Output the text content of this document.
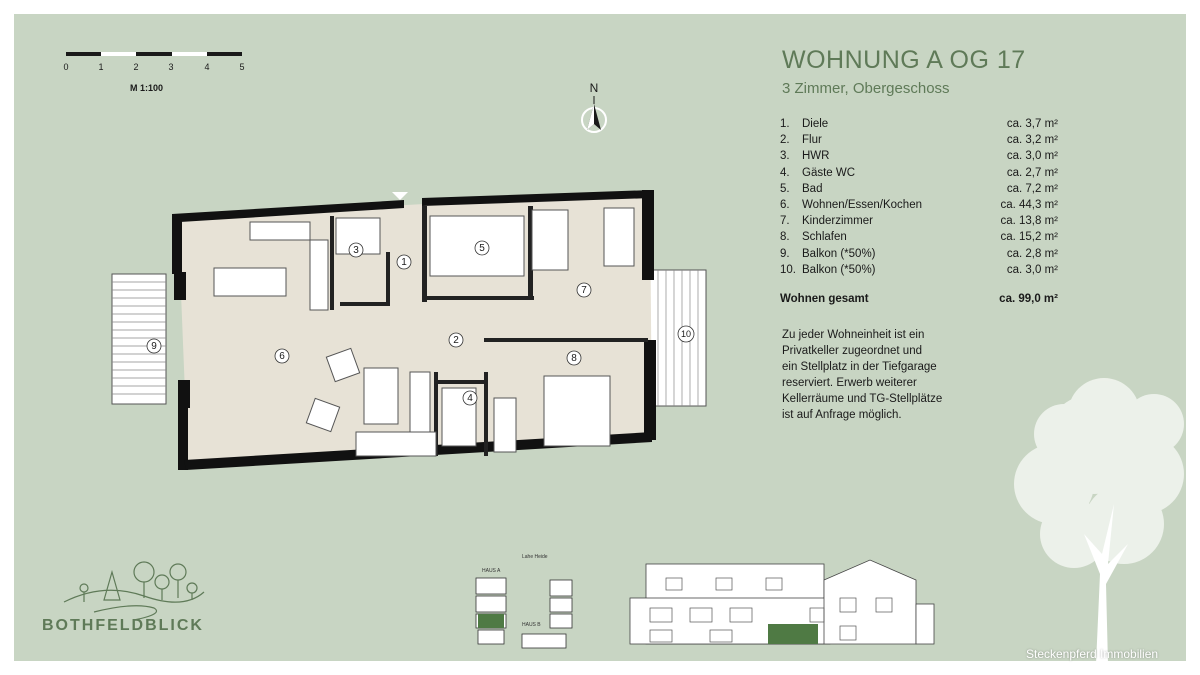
0	1	2	3	4	5
M 1:100	N
WOHNUNG A OG 17
3 Zimmer, Obergeschoss
1.	Diele	ca. 3,7 m²
2.	Flur	ca. 3,2 m²
3.	HWR	ca. 3,0 m²
4.	Gäste WC	ca. 2,7 m²
5.	Bad	ca. 7,2 m²
6.	Wohnen/Essen/Kochen	ca. 44,3 m²
7.	Kinderzimmer	ca. 13,8 m²
8.	Schlafen	ca. 15,2 m²
9.	Balkon (*50%)	ca. 2,8 m²
10. Balkon (*50%)	ca. 3,0 m²
Wohnen gesamt	ca. 99,0 m²
Zu jeder Wohneinheit ist ein
Privatkeller zugeordnet und
ein Stellplatz in der Tiefgarage
reserviert. Erwerb weiterer
Kellerräume und TG-Stellplätze
ist auf Anfrage möglich.
1
2
3
4
5
6
7
8
9
10
BOTHFELDBLICK
Lahe Heide
HAUS A
HAUS B
Steckenpferd Immobilien
